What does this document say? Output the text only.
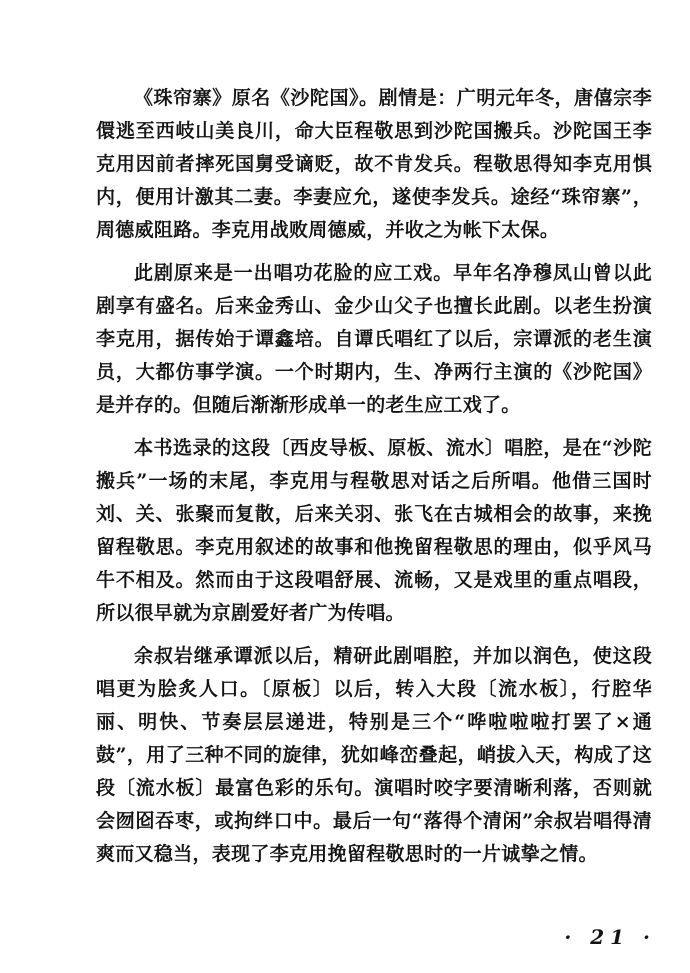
《珠帘寨》原名《沙陀国》。剧情是：广明元年冬，唐僖宗李儇逃至西岐山美良川，命大臣程敬思到沙陀国搬兵。沙陀国王李克用因前者摔死国舅受谪贬，故不肯发兵。程敬思得知李克用惧内，便用计激其二妻。李妻应允，遂使李发兵。途经“珠帘寨”，周德威阻路。李克用战败周德威，并收之为帐下太保。

此剧原来是一出唱功花脸的应工戏。早年名净穆凤山曾以此剧享有盛名。后来金秀山、金少山父子也擅长此剧。以老生扮演李克用，据传始于谭鑫培。自谭氏唱红了以后，宗谭派的老生演员，大都仿事学演。一个时期内，生、净两行主演的《沙陀国》是并存的。但随后渐渐形成单一的老生应工戏了。

本书选录的这段〔西皮导板、原板、流水〕唱腔，是在“沙陀搬兵”一场的末尾，李克用与程敬思对话之后所唱。他借三国时刘、关、张聚而复散，后来关羽、张飞在古城相会的故事，来挽留程敬思。李克用叙述的故事和他挽留程敬思的理由，似乎风马牛不相及。然而由于这段唱舒展、流畅，又是戏里的重点唱段，所以很早就为京剧爱好者广为传唱。

余叔岩继承谭派以后，精研此剧唱腔，并加以润色，使这段唱更为脍炙人口。〔原板〕以后，转入大段〔流水板〕，行腔华丽、明快、节奏层层递进，特别是三个“哗啦啦啦打罢了×通鼓”，用了三种不同的旋律，犹如峰峦叠起，峭拔入天，构成了这段〔流水板〕最富色彩的乐句。演唱时咬字要清晰利落，否则就会囫囵吞枣，或拘绊口中。最后一句“落得个清闲”余叔岩唱得清爽而又稳当，表现了李克用挽留程敬思时的一片诚挚之情。

· 21 ·
